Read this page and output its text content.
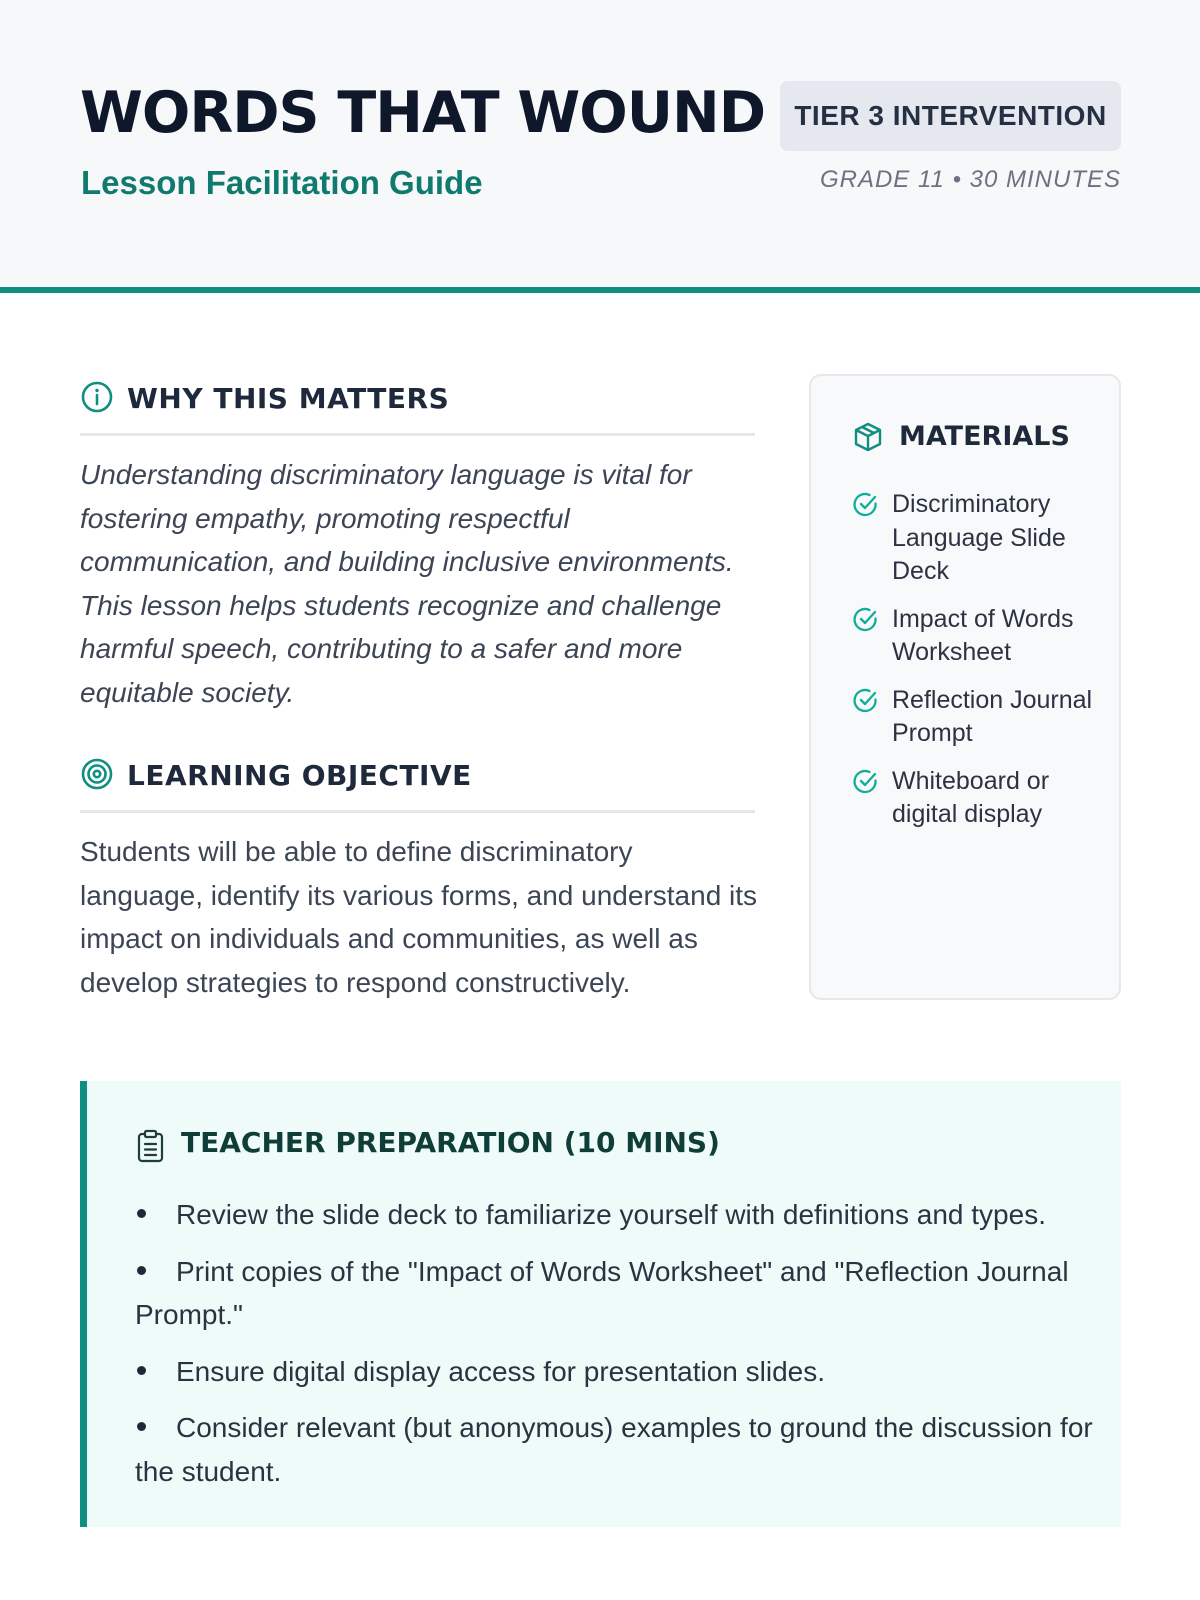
WORDS THAT WOUND
Lesson Facilitation Guide
TIER 3 INTERVENTION
GRADE 11 • 30 MINUTES
WHY THIS MATTERS

Understanding discriminatory language is vital for fostering empathy, promoting respectful communication, and building inclusive environments. This lesson helps students recognize and challenge harmful speech, contributing to a safer and more equitable society.

LEARNING OBJECTIVE

Students will be able to define discriminatory language, identify its various forms, and understand its impact on individuals and communities, as well as develop strategies to respond constructively.

MATERIALS
Discriminatory Language Slide Deck
Impact of Words Worksheet
Reflection Journal Prompt
Whiteboard or digital display
TEACHER PREPARATION (10 MINS)
Review the slide deck to familiarize yourself with definitions and types.
Print copies of the "Impact of Words Worksheet" and "Reflection Journal Prompt."
Ensure digital display access for presentation slides.
Consider relevant (but anonymous) examples to ground the discussion for the student.
